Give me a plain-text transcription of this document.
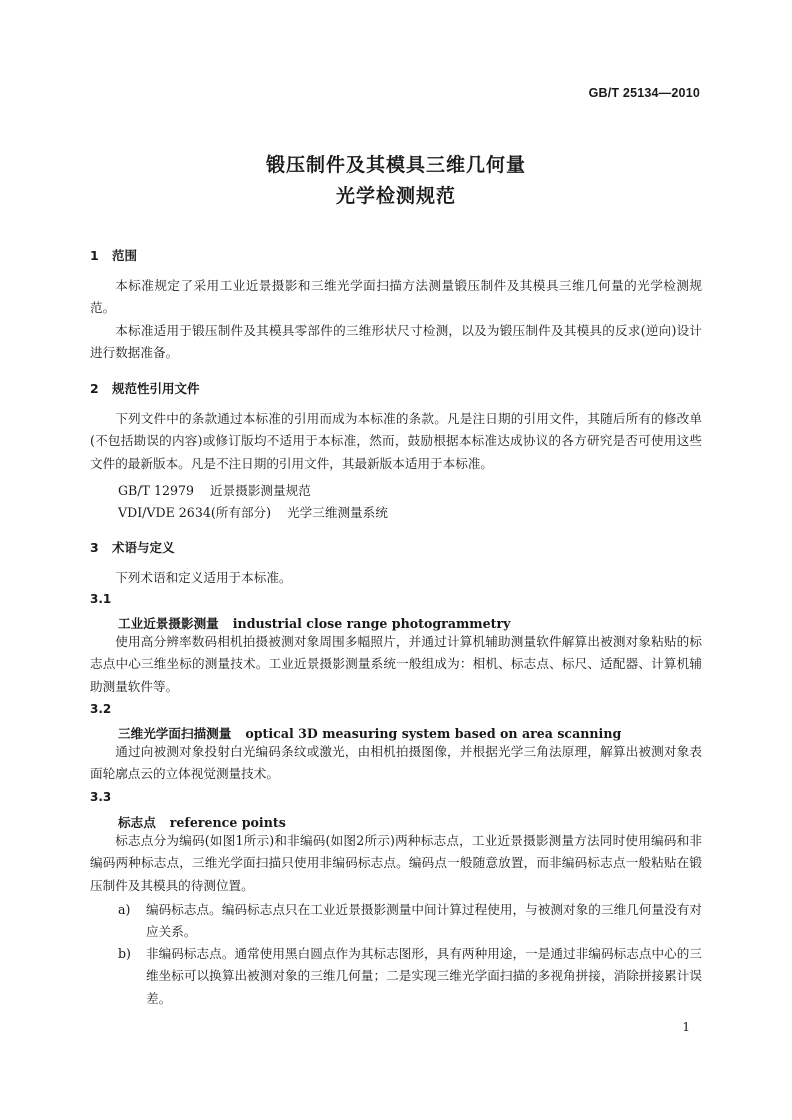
GB/T 25134—2010
锻压制件及其模具三维几何量
光学检测规范
1 范围
本标准规定了采用工业近景摄影和三维光学面扫描方法测量锻压制件及其模具三维几何量的光学检测规范。
本标准适用于锻压制件及其模具零部件的三维形状尺寸检测，以及为锻压制件及其模具的反求(逆向)设计进行数据准备。
2 规范性引用文件
下列文件中的条款通过本标准的引用而成为本标准的条款。凡是注日期的引用文件，其随后所有的修改单(不包括勘误的内容)或修订版均不适用于本标准，然而，鼓励根据本标准达成协议的各方研究是否可使用这些文件的最新版本。凡是不注日期的引用文件，其最新版本适用于本标准。
GB/T 12979 近景摄影测量规范
VDI/VDE 2634(所有部分) 光学三维测量系统
3 术语与定义
下列术语和定义适用于本标准。
3.1
工业近景摄影测量 industrial close range photogrammetry
使用高分辨率数码相机拍摄被测对象周围多幅照片，并通过计算机辅助测量软件解算出被测对象粘贴的标志点中心三维坐标的测量技术。工业近景摄影测量系统一般组成为：相机、标志点、标尺、适配器、计算机辅助测量软件等。
3.2
三维光学面扫描测量 optical 3D measuring system based on area scanning
通过向被测对象投射白光编码条纹或激光，由相机拍摄图像，并根据光学三角法原理，解算出被测对象表面轮廓点云的立体视觉测量技术。
3.3
标志点 reference points
标志点分为编码(如图1所示)和非编码(如图2所示)两种标志点，工业近景摄影测量方法同时使用编码和非编码两种标志点，三维光学面扫描只使用非编码标志点。编码点一般随意放置，而非编码标志点一般粘贴在锻压制件及其模具的待测位置。
a) 编码标志点。编码标志点只在工业近景摄影测量中间计算过程使用，与被测对象的三维几何量没有对应关系。
b) 非编码标志点。通常使用黑白圆点作为其标志图形，具有两种用途，一是通过非编码标志点中心的三维坐标可以换算出被测对象的三维几何量；二是实现三维光学面扫描的多视角拼接，消除拼接累计误差。
1
